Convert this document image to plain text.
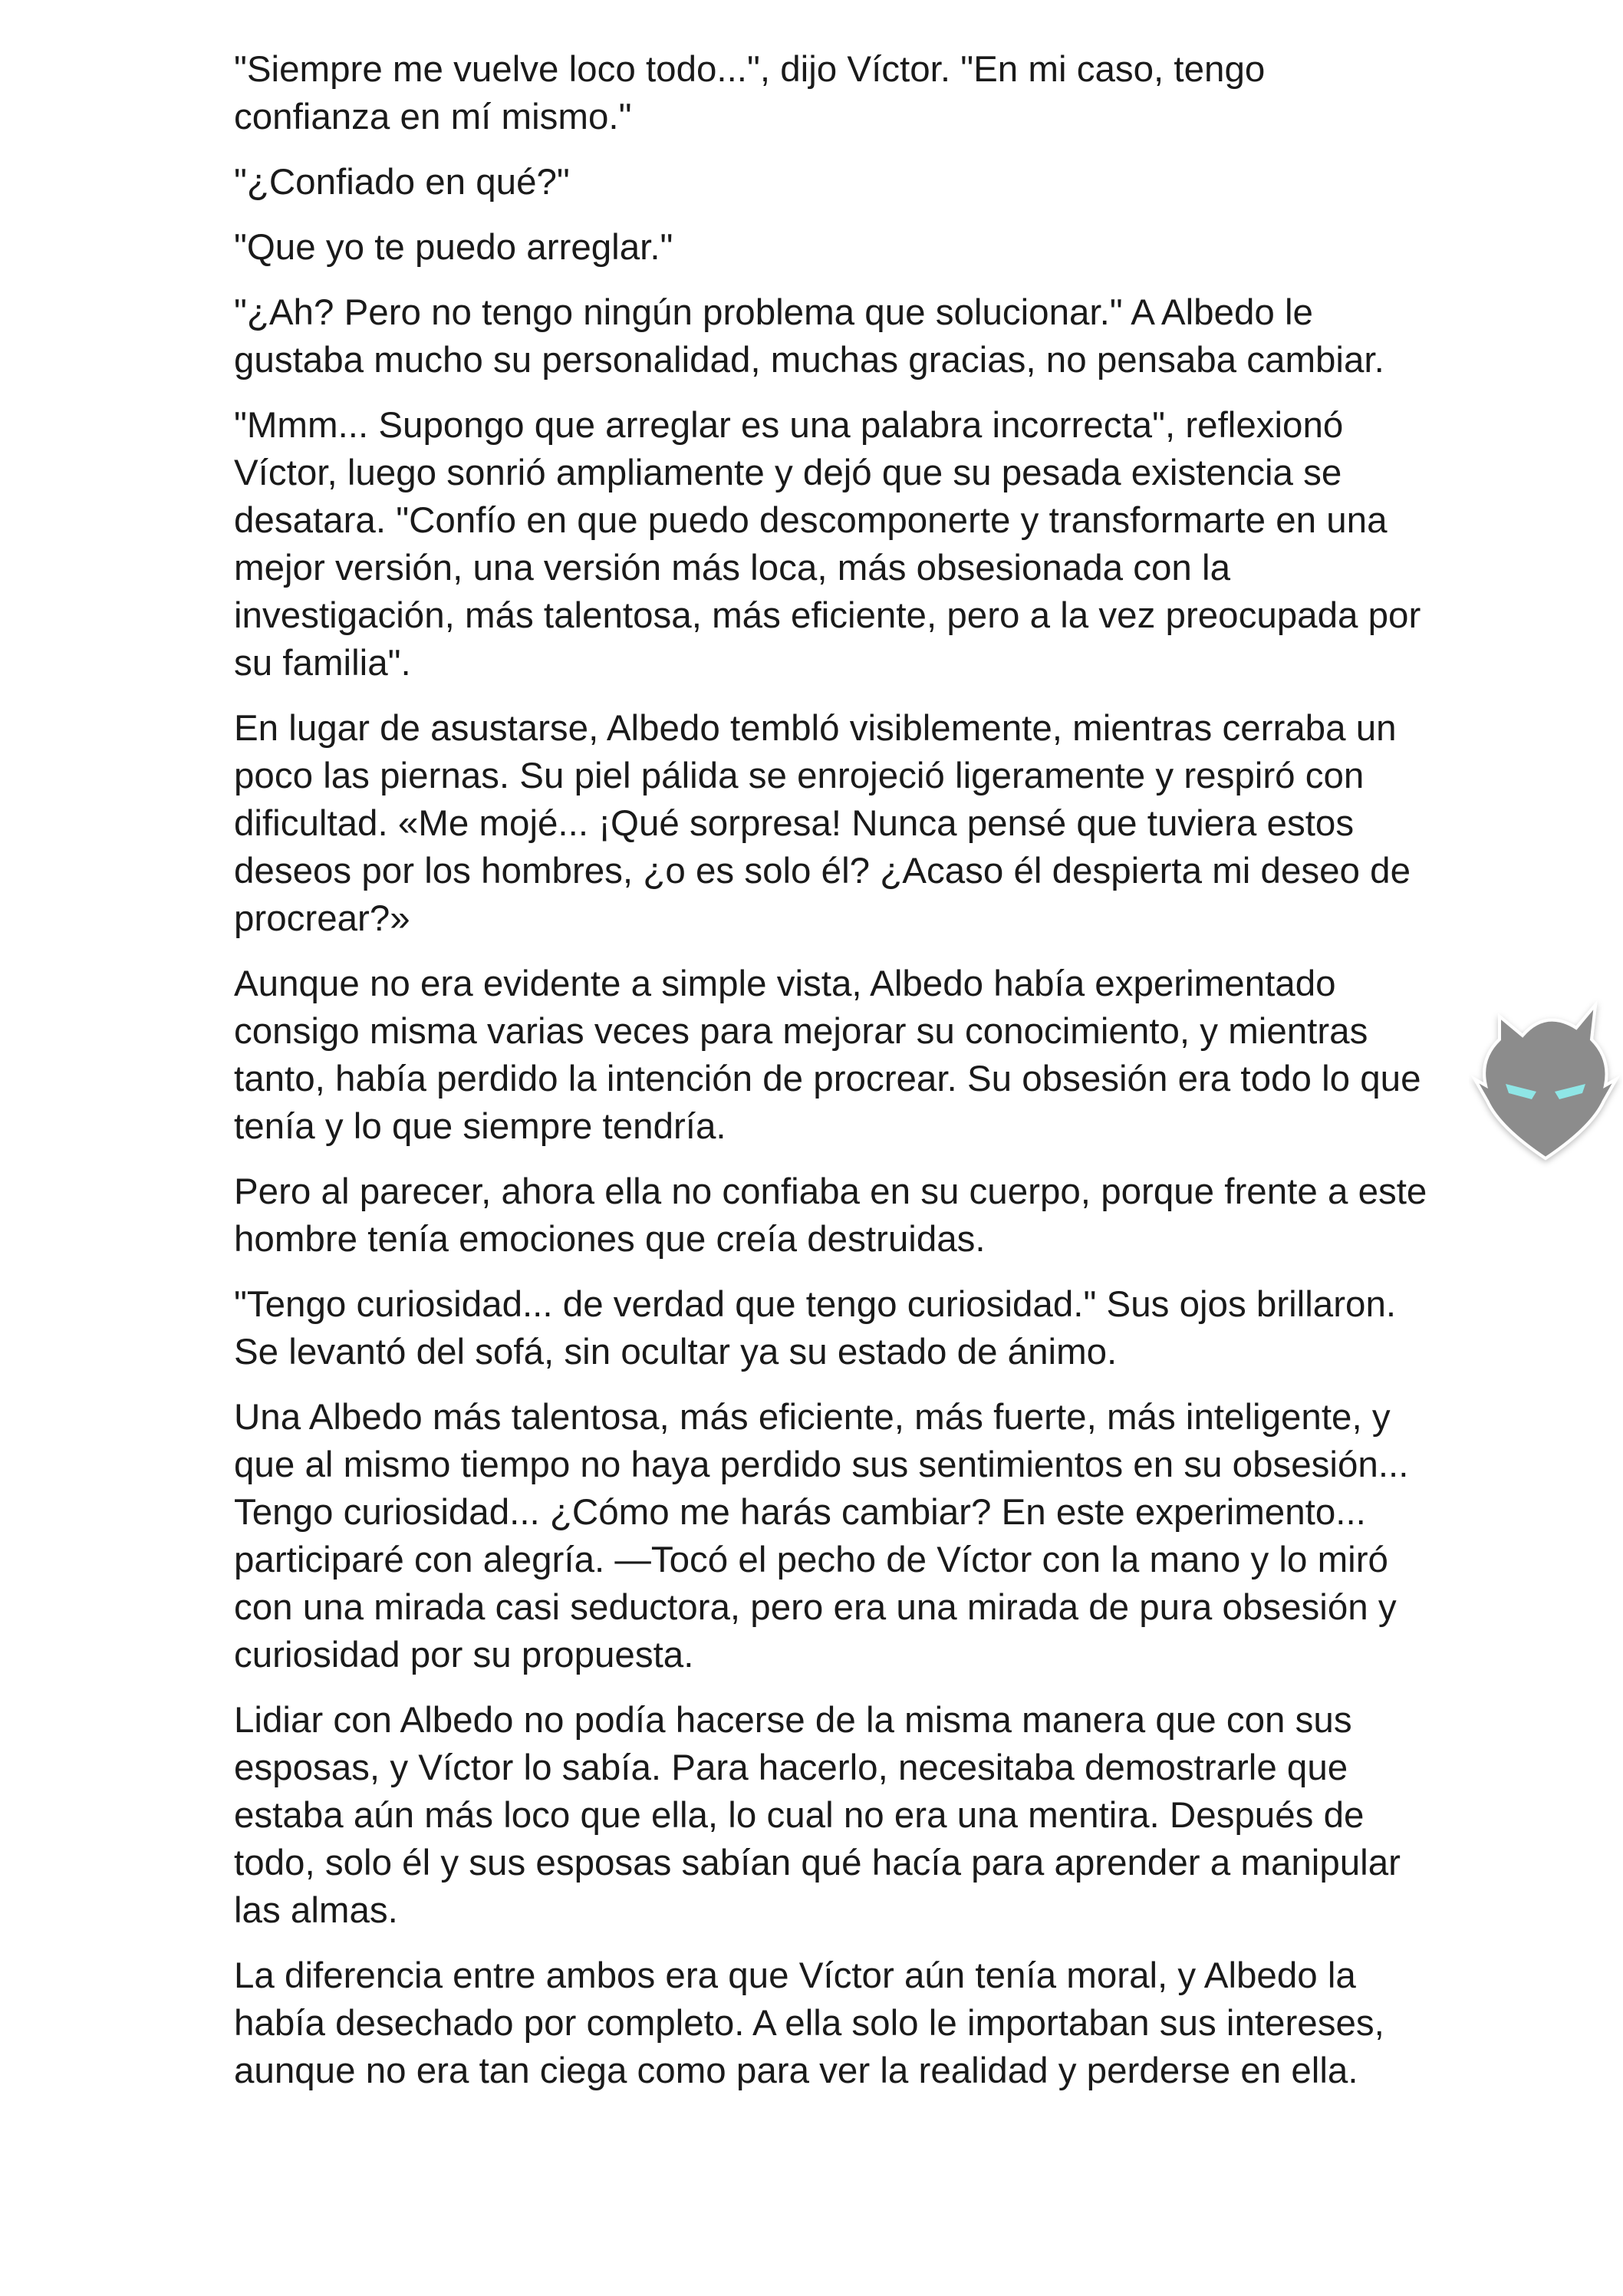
"Siempre me vuelve loco todo...", dijo Víctor. "En mi caso, tengo confianza en mí mismo."

"¿Confiado en qué?"

"Que yo te puedo arreglar."

"¿Ah? Pero no tengo ningún problema que solucionar." A Albedo le gustaba mucho su personalidad, muchas gracias, no pensaba cambiar.

"Mmm... Supongo que arreglar es una palabra incorrecta", reflexionó Víctor, luego sonrió ampliamente y dejó que su pesada existencia se desatara. "Confío en que puedo descomponerte y transformarte en una mejor versión, una versión más loca, más obsesionada con la investigación, más talentosa, más eficiente, pero a la vez preocupada por su familia".

En lugar de asustarse, Albedo tembló visiblemente, mientras cerraba un poco las piernas. Su piel pálida se enrojeció ligeramente y respiró con dificultad. «Me mojé... ¡Qué sorpresa! Nunca pensé que tuviera estos deseos por los hombres, ¿o es solo él? ¿Acaso él despierta mi deseo de procrear?»

Aunque no era evidente a simple vista, Albedo había experimentado consigo misma varias veces para mejorar su conocimiento, y mientras tanto, había perdido la intención de procrear. Su obsesión era todo lo que tenía y lo que siempre tendría.

Pero al parecer, ahora ella no confiaba en su cuerpo, porque frente a este hombre tenía emociones que creía destruidas.

"Tengo curiosidad... de verdad que tengo curiosidad." Sus ojos brillaron. Se levantó del sofá, sin ocultar ya su estado de ánimo.

Una Albedo más talentosa, más eficiente, más fuerte, más inteligente, y que al mismo tiempo no haya perdido sus sentimientos en su obsesión... Tengo curiosidad... ¿Cómo me harás cambiar? En este experimento... participaré con alegría. —Tocó el pecho de Víctor con la mano y lo miró con una mirada casi seductora, pero era una mirada de pura obsesión y curiosidad por su propuesta.

Lidiar con Albedo no podía hacerse de la misma manera que con sus esposas, y Víctor lo sabía. Para hacerlo, necesitaba demostrarle que estaba aún más loco que ella, lo cual no era una mentira. Después de todo, solo él y sus esposas sabían qué hacía para aprender a manipular las almas.

La diferencia entre ambos era que Víctor aún tenía moral, y Albedo la había desechado por completo. A ella solo le importaban sus intereses, aunque no era tan ciega como para ver la realidad y perderse en ella.
